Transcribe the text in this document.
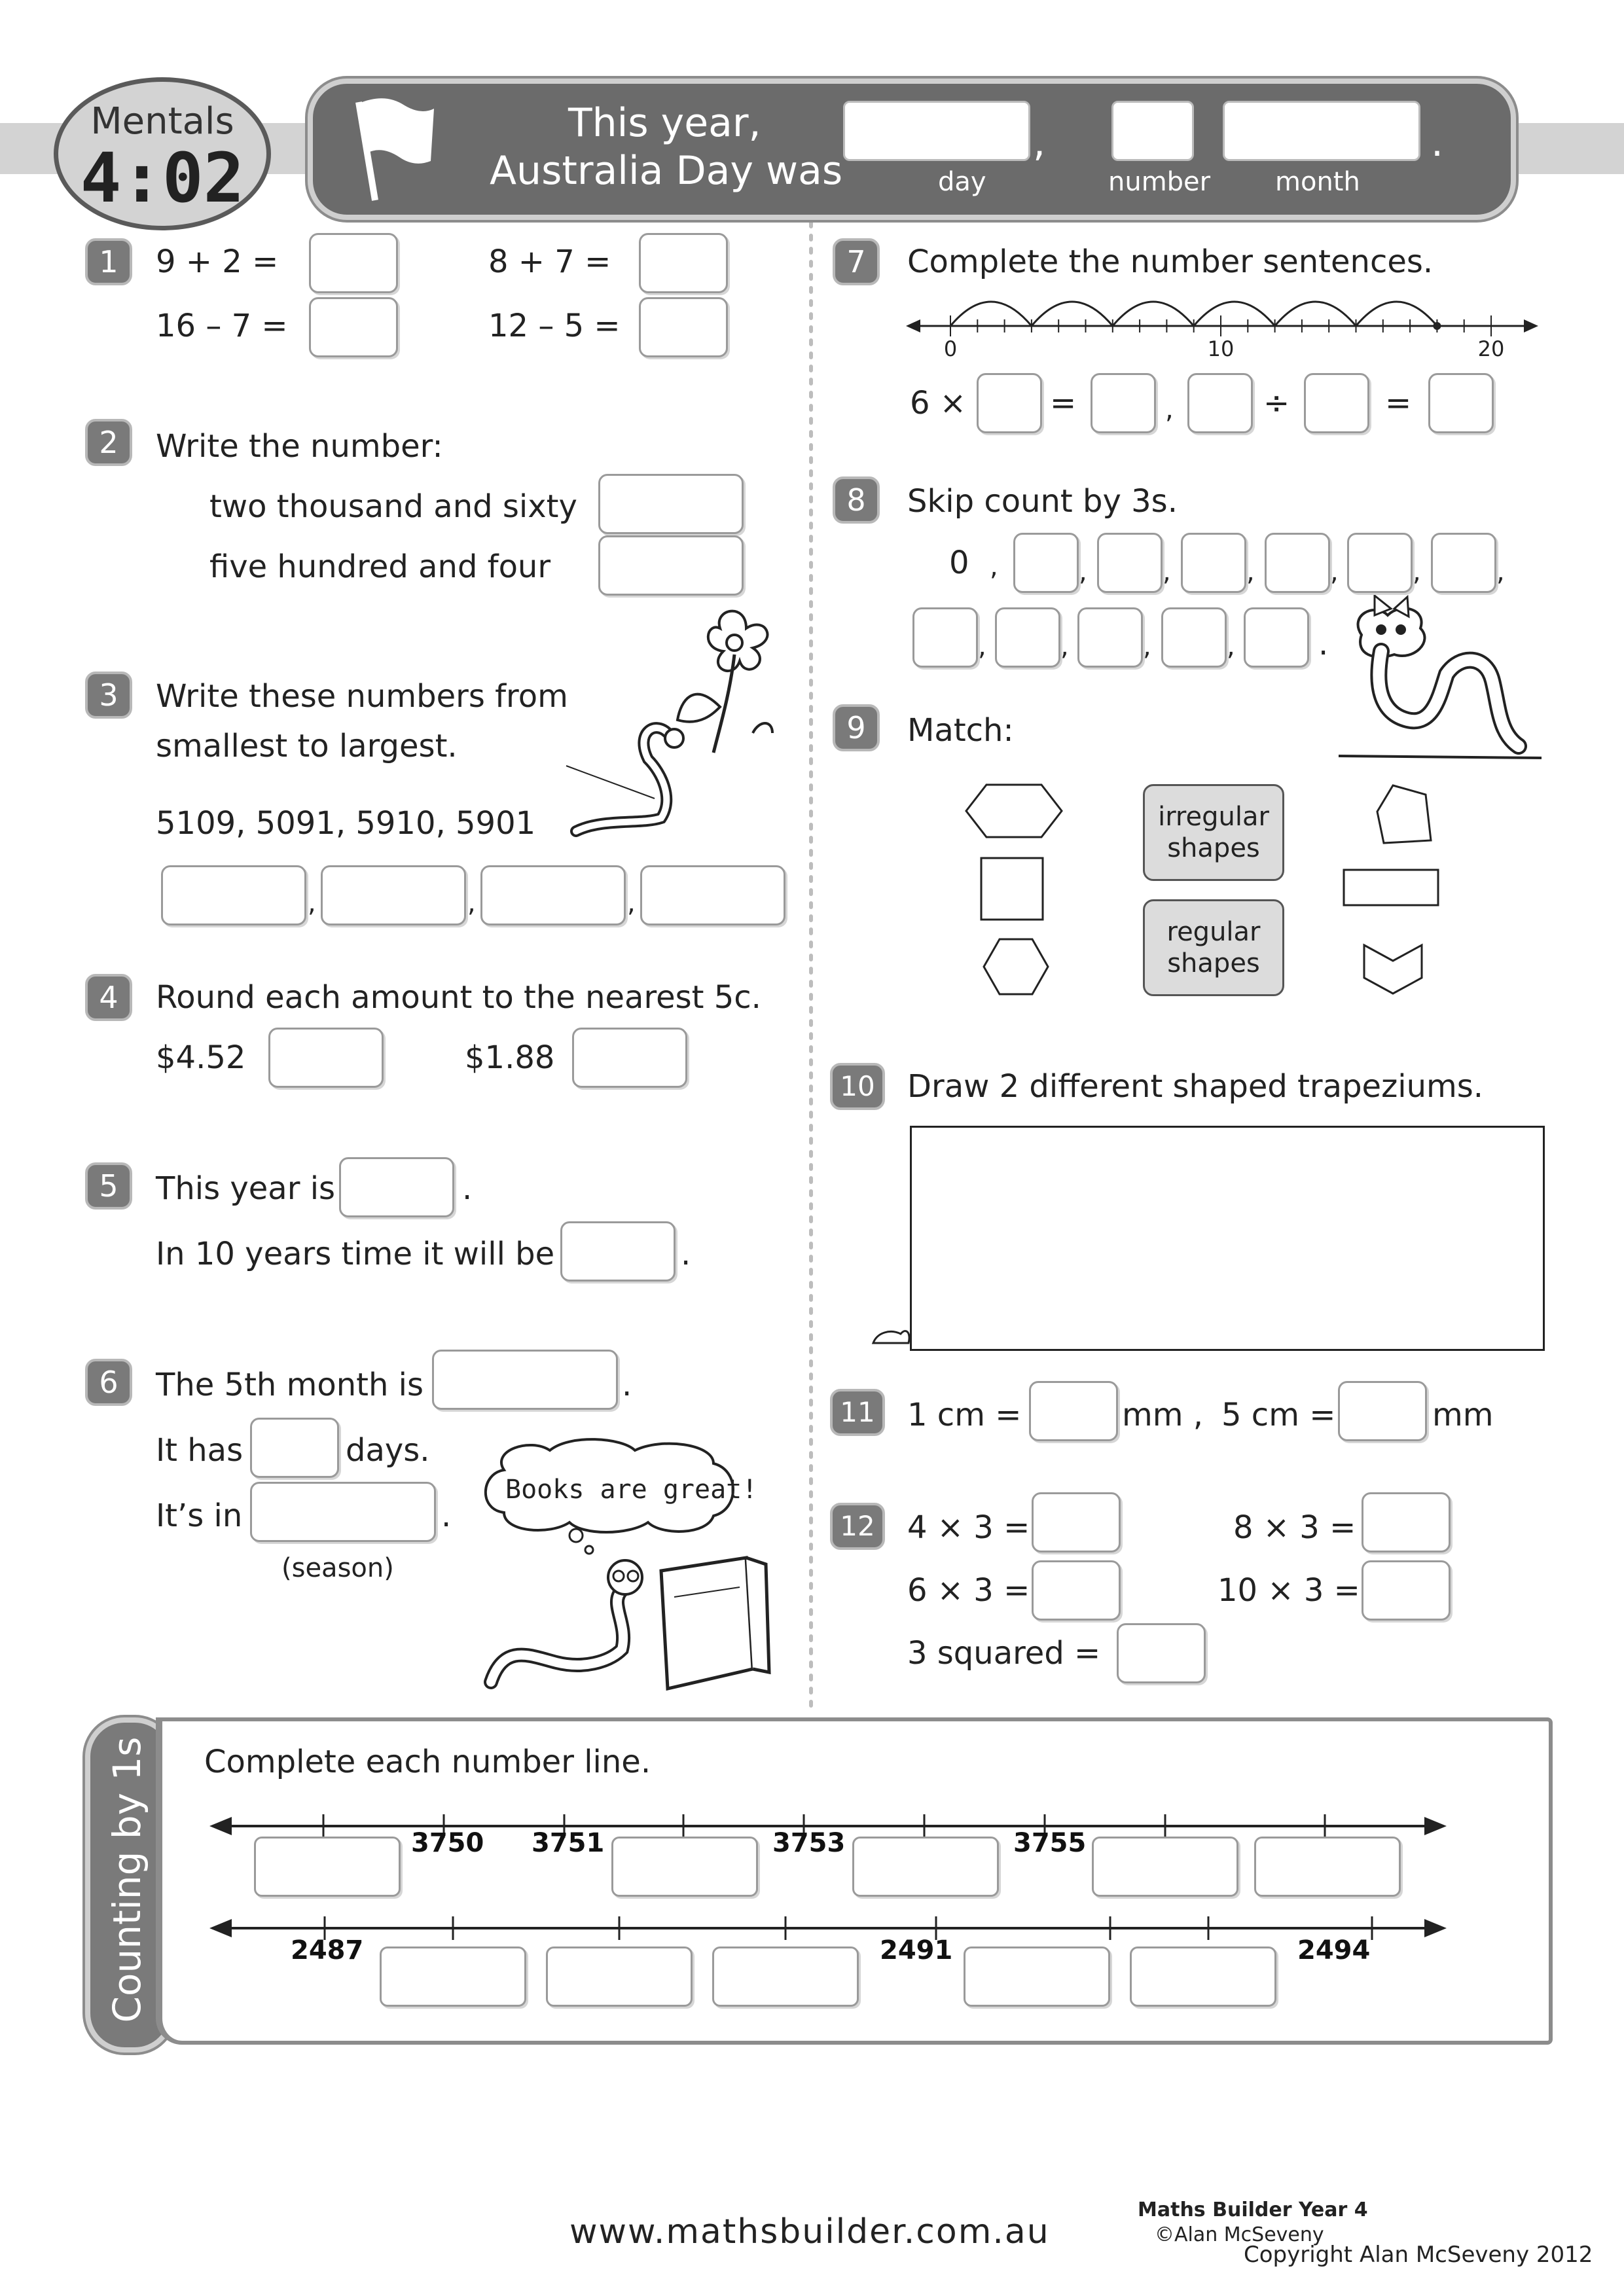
Mentals
4:02
This year,
Australia Day was
,	.
day	number month
1	9 + 2 =	8 + 7 =
16 – 7 =	12 – 5 =
2	Write the number:
two thousand and sixty
five hundred and four
3	Write these numbers from
smallest to largest.
5109, 5091, 5910, 5901
,	,	,
4	Round each amount to the nearest 5c.
$4.52	$1.88
5	This year is	.
In 10 years time it will be	.
6	The 5th month is	.
It has	days.
It’s in	.
(season)
Books are great!
7	Complete the number sentences.
0	10	20
6 ×	=	,	÷	=
8	Skip count by 3s.
0 ,
.
9	Match:
irregular shapes
regular shapes
10	Draw 2 different shaped trapeziums.
11	1 cm =	mm , 5 cm =	mm
12	4 × 3 =	8 × 3 =
6 × 3 =	10 × 3 =
3 squared =
Counting by 1s Complete each number line.
3750 3751	3753	3755
2487	2491	2494
www.mathsbuilder.com.au
Maths Builder Year 4
©Alan McSeveny
Copyright Alan McSeveny 2012
,	,	,	,	,	,
,	,	,	,
